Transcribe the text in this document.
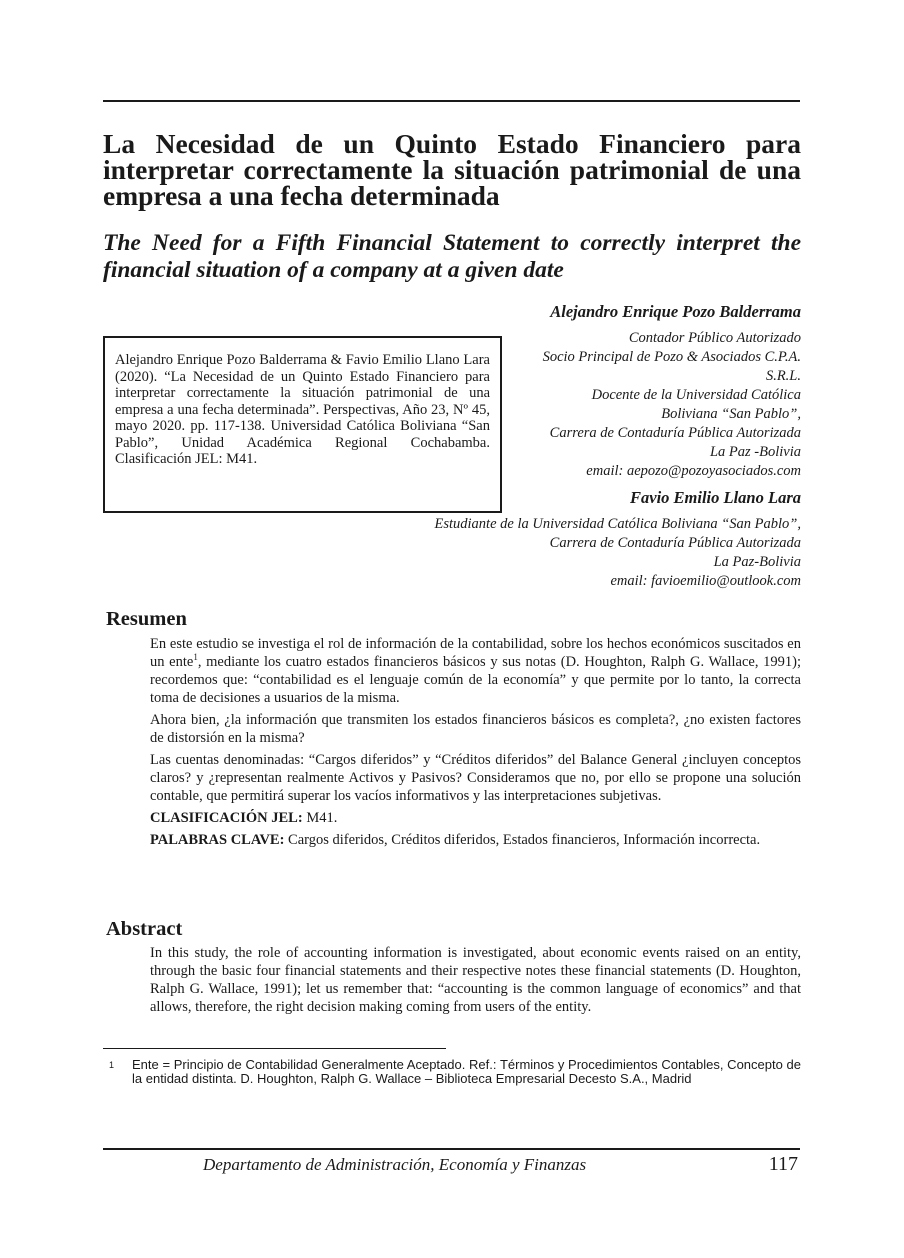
La Necesidad de un Quinto Estado Financiero para interpretar correctamente la situación patrimonial de una empresa a una fecha determinada
The Need for a Fifth Financial Statement to correctly interpret the financial situation of a company at a given date
Alejandro Enrique Pozo Balderrama
Contador Público Autorizado
Socio Principal de Pozo & Asociados C.P.A.
S.R.L.
Docente de la Universidad Católica
Boliviana “San Pablo”,
Carrera de Contaduría Pública Autorizada
La Paz -Bolivia
email: aepozo@pozoyasociados.com

Alejandro Enrique Pozo Balderrama & Favio Emilio Llano Lara (2020). “La Necesidad de un Quinto Estado Financiero para interpretar correctamente la situación patrimonial de una empresa a una fecha determinada”. Perspectivas, Año 23, Nº 45, mayo 2020. pp. 117-138. Universidad Católica Boliviana “San Pablo”, Unidad Académica Regional Cochabamba. Clasificación JEL: M41.

Favio Emilio Llano Lara
Estudiante de la Universidad Católica Boliviana “San Pablo”,
Carrera de Contaduría Pública Autorizada
La Paz-Bolivia
email: favioemilio@outlook.com
Resumen

En este estudio se investiga el rol de información de la contabilidad, sobre los hechos económicos suscitados en un ente$^1$, mediante los cuatro estados financieros básicos y sus notas (D. Houghton, Ralph G. Wallace, 1991); recordemos que: “contabilidad es el lenguaje común de la economía” y que permite por lo tanto, la correcta toma de decisiones a usuarios de la misma.

Ahora bien, ¿la información que transmiten los estados financieros básicos es completa?, ¿no existen factores de distorsión en la misma?

Las cuentas denominadas: “Cargos diferidos” y “Créditos diferidos” del Balance General ¿incluyen conceptos claros? y ¿representan realmente Activos y Pasivos? Consideramos que no, por ello se propone una solución contable, que permitirá superar los vacíos informativos y las interpretaciones subjetivas.

CLASIFICACIÓN JEL: M41.

PALABRAS CLAVE: Cargos diferidos, Créditos diferidos, Estados financieros, Información incorrecta.

Abstract

In this study, the role of accounting information is investigated, about economic events raised on an entity, through the basic four financial statements and their respective notes these financial statements (D. Houghton, Ralph G. Wallace, 1991); let us remember that: “accounting is the common language of economics” and that allows, therefore, the right decision making coming from users of the entity.

1 Ente = Principio de Contabilidad Generalmente Aceptado. Ref.: Términos y Procedimientos Contables, Concepto de la entidad distinta. D. Houghton, Ralph G. Wallace – Biblioteca Empresarial Decesto S.A., Madrid
Departamento de Administración, Economía y Finanzas	117
